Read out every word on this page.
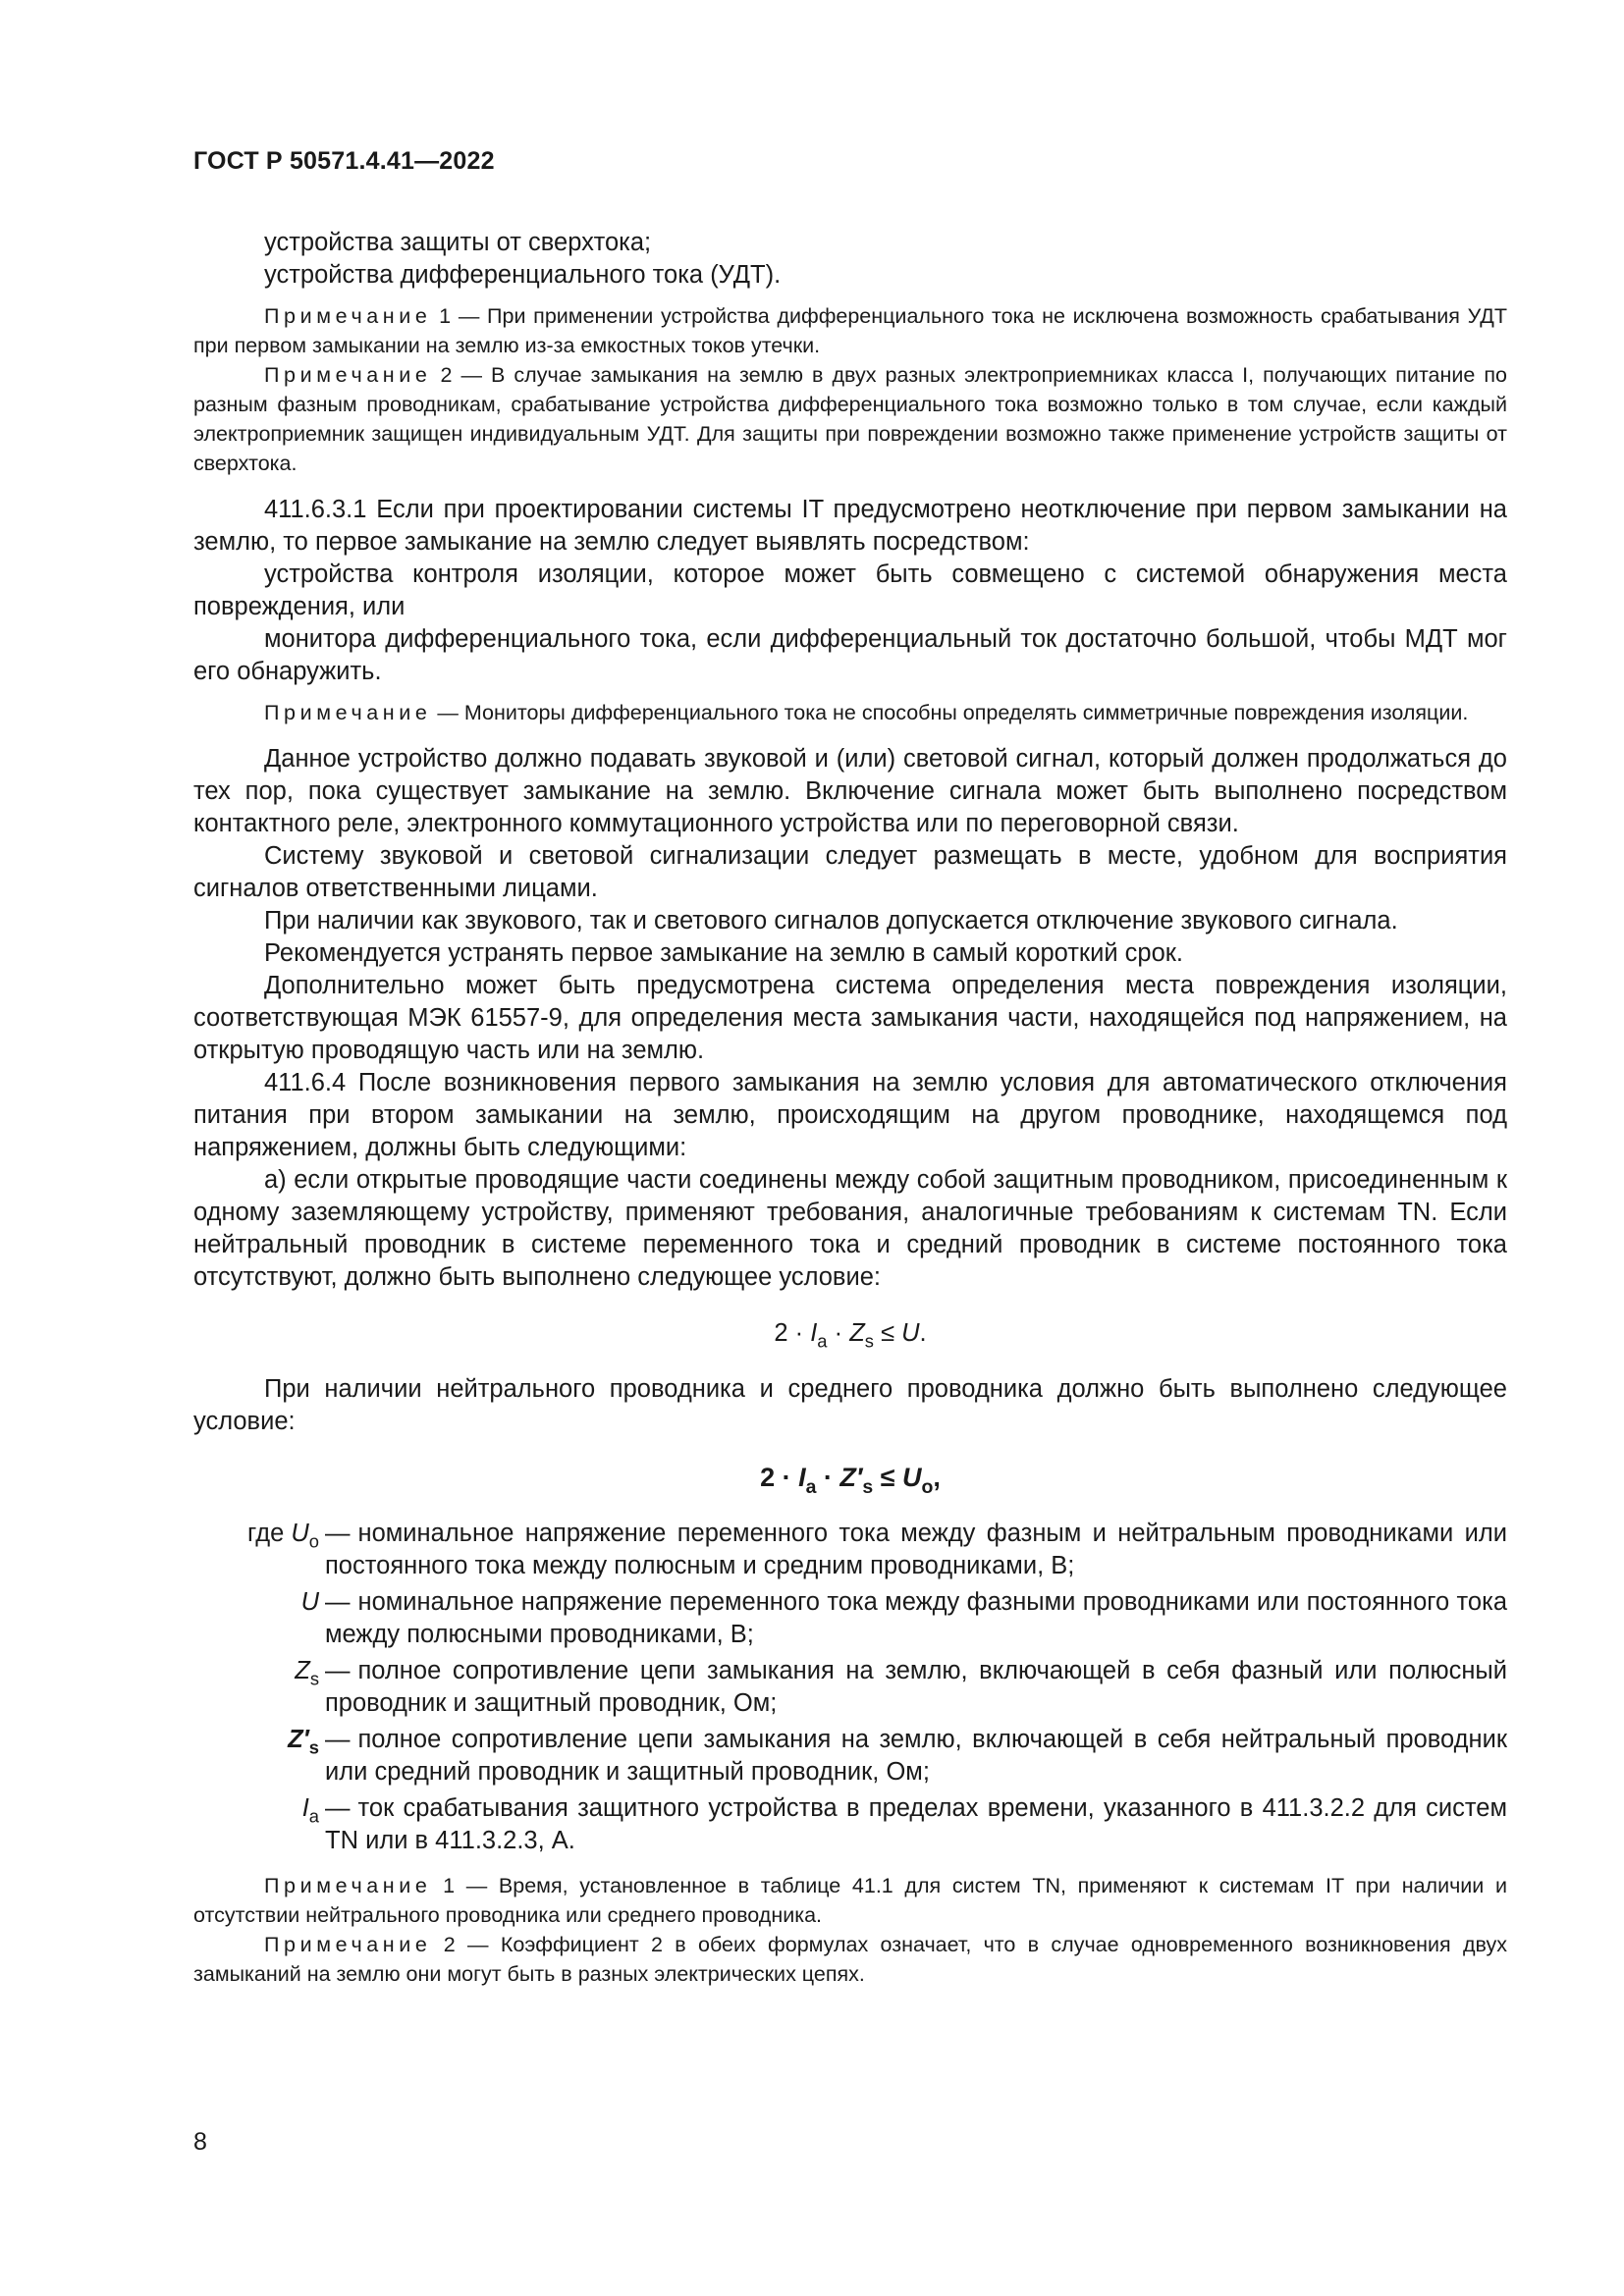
ГОСТ Р 50571.4.41—2022

устройства защиты от сверхтока;

устройства дифференциального тока (УДТ).

Примечание 1 — При применении устройства дифференциального тока не исключена возможность срабатывания УДТ при первом замыкании на землю из-за емкостных токов утечки.

Примечание 2 — В случае замыкания на землю в двух разных электроприемниках класса I, получающих питание по разным фазным проводникам, срабатывание устройства дифференциального тока возможно только в том случае, если каждый электроприемник защищен индивидуальным УДТ. Для защиты при повреждении возможно также применение устройств защиты от сверхтока.

411.6.3.1 Если при проектировании системы IT предусмотрено неотключение при первом замыкании на землю, то первое замыкание на землю следует выявлять посредством:

устройства контроля изоляции, которое может быть совмещено с системой обнаружения места повреждения, или

монитора дифференциального тока, если дифференциальный ток достаточно большой, чтобы МДТ мог его обнаружить.

Примечание — Мониторы дифференциального тока не способны определять симметричные повреждения изоляции.

Данное устройство должно подавать звуковой и (или) световой сигнал, который должен продолжаться до тех пор, пока существует замыкание на землю. Включение сигнала может быть выполнено посредством контактного реле, электронного коммутационного устройства или по переговорной связи.

Систему звуковой и световой сигнализации следует размещать в месте, удобном для восприятия сигналов ответственными лицами.

При наличии как звукового, так и светового сигналов допускается отключение звукового сигнала.

Рекомендуется устранять первое замыкание на землю в самый короткий срок.

Дополнительно может быть предусмотрена система определения места повреждения изоляции, соответствующая МЭК 61557-9, для определения места замыкания части, находящейся под напряжением, на открытую проводящую часть или на землю.

411.6.4 После возникновения первого замыкания на землю условия для автоматического отключения питания при втором замыкании на землю, происходящим на другом проводнике, находящемся под напряжением, должны быть следующими:

а) если открытые проводящие части соединены между собой защитным проводником, присоединенным к одному заземляющему устройству, применяют требования, аналогичные требованиям к системам TN. Если нейтральный проводник в системе переменного тока и средний проводник в системе постоянного тока отсутствуют, должно быть выполнено следующее условие:

$2 \cdot I_a \cdot Z_s \le U$.

При наличии нейтрального проводника и среднего проводника должно быть выполнено следующее условие:

$2 \cdot I_a \cdot Z'_s \le U_o$,
где $U_o$ — номинальное напряжение переменного тока между фазным и нейтральным проводниками или постоянного тока между полюсным и средним проводниками, В;
U — номинальное напряжение переменного тока между фазными проводниками или постоянного тока между полюсными проводниками, В;
$Z_s$ — полное сопротивление цепи замыкания на землю, включающей в себя фазный или полюсный проводник и защитный проводник, Ом;
$Z'_s$ — полное сопротивление цепи замыкания на землю, включающей в себя нейтральный проводник или средний проводник и защитный проводник, Ом;
$I_a$ — ток срабатывания защитного устройства в пределах времени, указанного в 411.3.2.2 для систем TN или в 411.3.2.3, А.

Примечание 1 — Время, установленное в таблице 41.1 для систем TN, применяют к системам IT при наличии и отсутствии нейтрального проводника или среднего проводника.

Примечание 2 — Коэффициент 2 в обеих формулах означает, что в случае одновременного возникновения двух замыканий на землю они могут быть в разных электрических цепях.

8
